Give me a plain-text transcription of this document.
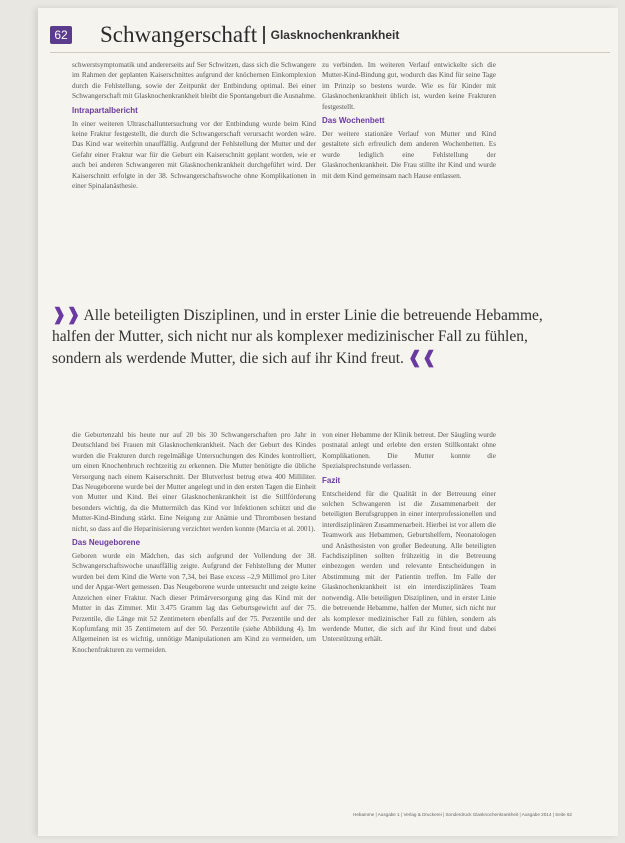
62 Schwangerschaft Glasknochenkrankheit

schwerstsymptomatik und andererseits auf Ser Schwitzen, dass sich die Schwangere im Rahmen der geplanten Kaiserschnittes aufgrund der knöchernen Einkomplexion durch die Fehlstellung, sowie der Zeitpunkt der Entbindung optimal. Bei einer Schwangerschaft mit Glasknochenkrankheit bleibt die Spontangeburt die Ausnahme.

Intrapartalbericht

In einer weiteren Ultraschalluntersuchung vor der Entbindung wurde beim Kind keine Fraktur festgestellt, die durch die Schwangerschaft verursacht worden wäre. Das Kind war weiterhin unauffällig. Aufgrund der Fehlstellung der Mutter und der Gefahr einer Fraktur war für die Geburt ein Kaiserschnitt geplant worden, wie er auch bei anderen Schwangeren mit Glasknochenkrankheit durchgeführt wird. Der Kaiserschnitt erfolgte in der 38. Schwangerschaftswoche ohne Komplikationen in einer Spinalanästhesie.

zu verbinden. Im weiteren Verlauf entwickelte sich die Mutter-Kind-Bindung gut, wodurch das Kind für seine Tage im Prinzip so bestens wurde. Wie es für Kinder mit Glasknochenkrankheit üblich ist, wurden keine Frakturen festgestellt.

Das Wochenbett

Der weitere stationäre Verlauf von Mutter und Kind gestaltete sich erfreulich dem anderen Wochenbetten. Es wurde lediglich eine Fehlstellung der Glasknochenkrankheit. Die Frau stillte ihr Kind und wurde mit dem Kind gemeinsam nach Hause entlassen.

❱❱ Alle beteiligten Disziplinen, und in erster Linie die betreuende Hebamme, halfen der Mutter, sich nicht nur als komplexer medizinischer Fall zu fühlen, sondern als werdende Mutter, die sich auf ihr Kind freut. ❰❰

die Geburtenzahl bis heute nur auf 20 bis 30 Schwangerschaften pro Jahr in Deutschland bei Frauen mit Glasknochenkrankheit. Nach der Geburt des Kindes wurden die Frakturen durch regelmäßige Untersuchungen des Kindes kontrolliert, um einen Knochenbruch rechtzeitig zu erkennen. Die Mutter benötigte die übliche Versorgung nach einem Kaiserschnitt. Der Blutverlust betrug etwa 400 Milliliter. Das Neugeborene wurde bei der Mutter angelegt und in den ersten Tagen die Einheit von Mutter und Kind. Bei einer Glasknochenkrankheit ist die Stillförderung besonders wichtig, da die Muttermilch das Kind vor Infektionen schützt und die Mutter-Kind-Bindung stärkt. Eine Neigung zur Anämie und Thrombosen bestand nicht, so dass auf die Heparinisierung verzichtet werden konnte (Marcia et al. 2001).

Das Neugeborene

Geboren wurde ein Mädchen, das sich aufgrund der Vollendung der 38. Schwangerschaftswoche unauffällig zeigte. Aufgrund der Fehlstellung der Mutter wurden bei dem Kind die Werte von 7,34, bei Base excess –2,9 Millimol pro Liter und der Apgar-Wert gemessen. Das Neugeborene wurde untersucht und zeigte keine Anzeichen einer Fraktur. Nach dieser Primärversorgung ging das Kind mit der Mutter in das Zimmer. Mit 3.475 Gramm lag das Geburtsgewicht auf der 75. Perzentile, die Länge mit 52 Zentimetern ebenfalls auf der 75. Perzentile und der Kopfumfang mit 35 Zentimetern auf der 50. Perzentile (siehe Abbildung 4). Im Allgemeinen ist es wichtig, unnötige Manipulationen am Kind zu vermeiden, um Knochenfrakturen zu vermeiden.

von einer Hebamme der Klinik betreut. Der Säugling wurde postnatal anlegt und erlebte den ersten Stillkontakt ohne Komplikationen. Die Mutter konnte die Spezialsprechstunde verlassen.

Fazit

Entscheidend für die Qualität in der Betreuung einer solchen Schwangeren ist die Zusammenarbeit der beteiligten Berufsgruppen in einer interprofessionellen und interdisziplinären Zusammenarbeit. Hierbei ist vor allem die Teamwork aus Hebammen, Geburtshelfern, Neonatologen und Anästhesisten von großer Bedeutung. Alle beteiligten Fachdisziplinen sollten frühzeitig in die Betreuung einbezogen werden und relevante Entscheidungen in Abstimmung mit der Patientin treffen. Im Falle der Glasknochenkrankheit ist ein interdisziplinäres Team notwendig. Alle beteiligten Disziplinen, und in erster Linie die betreuende Hebamme, halfen der Mutter, sich nicht nur als komplexer medizinischer Fall zu fühlen, sondern als werdende Mutter, die sich auf ihr Kind freut und dabei Unterstützung erhält.

Hebamme | Ausgabe 1 | Verlag & Druckerei | Sonderdruck Glasknochenkrankheit | Ausgabe 2014 | Seite 62
